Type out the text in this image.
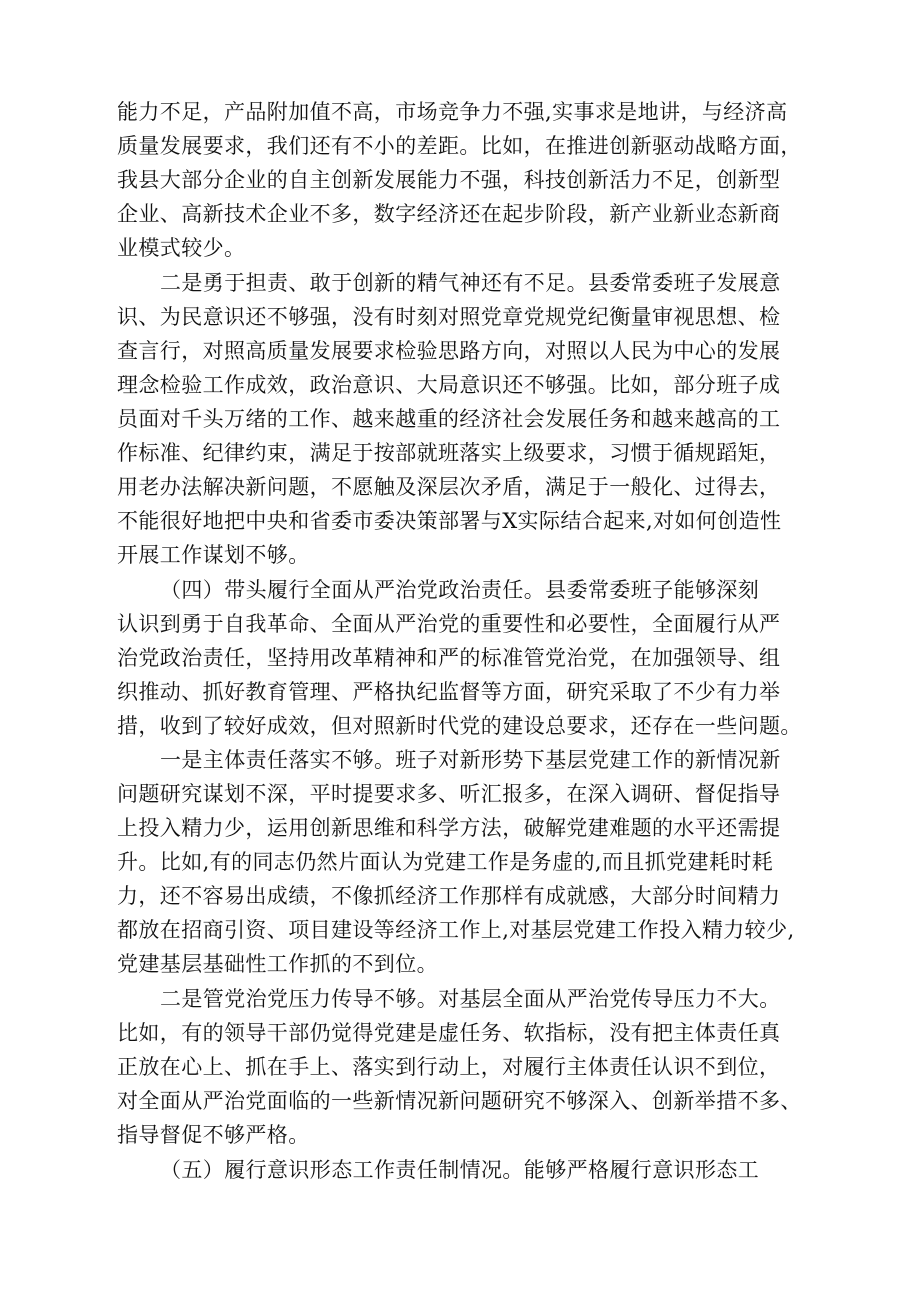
能力不足，产品附加值不高，市场竞争力不强,实事求是地讲，与经济高

质量发展要求，我们还有不小的差距。比如，在推进创新驱动战略方面，

我县大部分企业的自主创新发展能力不强，科技创新活力不足，创新型

企业、高新技术企业不多，数字经济还在起步阶段，新产业新业态新商

业模式较少。

二是勇于担责、敢于创新的精气神还有不足。县委常委班子发展意

识、为民意识还不够强，没有时刻对照党章党规党纪衡量审视思想、检

查言行，对照高质量发展要求检验思路方向，对照以人民为中心的发展

理念检验工作成效，政治意识、大局意识还不够强。比如，部分班子成

员面对千头万绪的工作、越来越重的经济社会发展任务和越来越高的工

作标准、纪律约束，满足于按部就班落实上级要求，习惯于循规蹈矩，

用老办法解决新问题，不愿触及深层次矛盾，满足于一般化、过得去，

不能很好地把中央和省委市委决策部署与X实际结合起来,对如何创造性

开展工作谋划不够。

（四）带头履行全面从严治党政治责任。县委常委班子能够深刻

认识到勇于自我革命、全面从严治党的重要性和必要性，全面履行从严

治党政治责任，坚持用改革精神和严的标准管党治党，在加强领导、组

织推动、抓好教育管理、严格执纪监督等方面，研究采取了不少有力举

措，收到了较好成效，但对照新时代党的建设总要求，还存在一些问题。

一是主体责任落实不够。班子对新形势下基层党建工作的新情况新

问题研究谋划不深，平时提要求多、听汇报多，在深入调研、督促指导

上投入精力少，运用创新思维和科学方法，破解党建难题的水平还需提

升。比如,有的同志仍然片面认为党建工作是务虚的,而且抓党建耗时耗

力，还不容易出成绩，不像抓经济工作那样有成就感，大部分时间精力

都放在招商引资、项目建设等经济工作上,对基层党建工作投入精力较少,

党建基层基础性工作抓的不到位。

二是管党治党压力传导不够。对基层全面从严治党传导压力不大。

比如，有的领导干部仍觉得党建是虚任务、软指标，没有把主体责任真

正放在心上、抓在手上、落实到行动上，对履行主体责任认识不到位，

对全面从严治党面临的一些新情况新问题研究不够深入、创新举措不多、

指导督促不够严格。

（五）履行意识形态工作责任制情况。能够严格履行意识形态工
